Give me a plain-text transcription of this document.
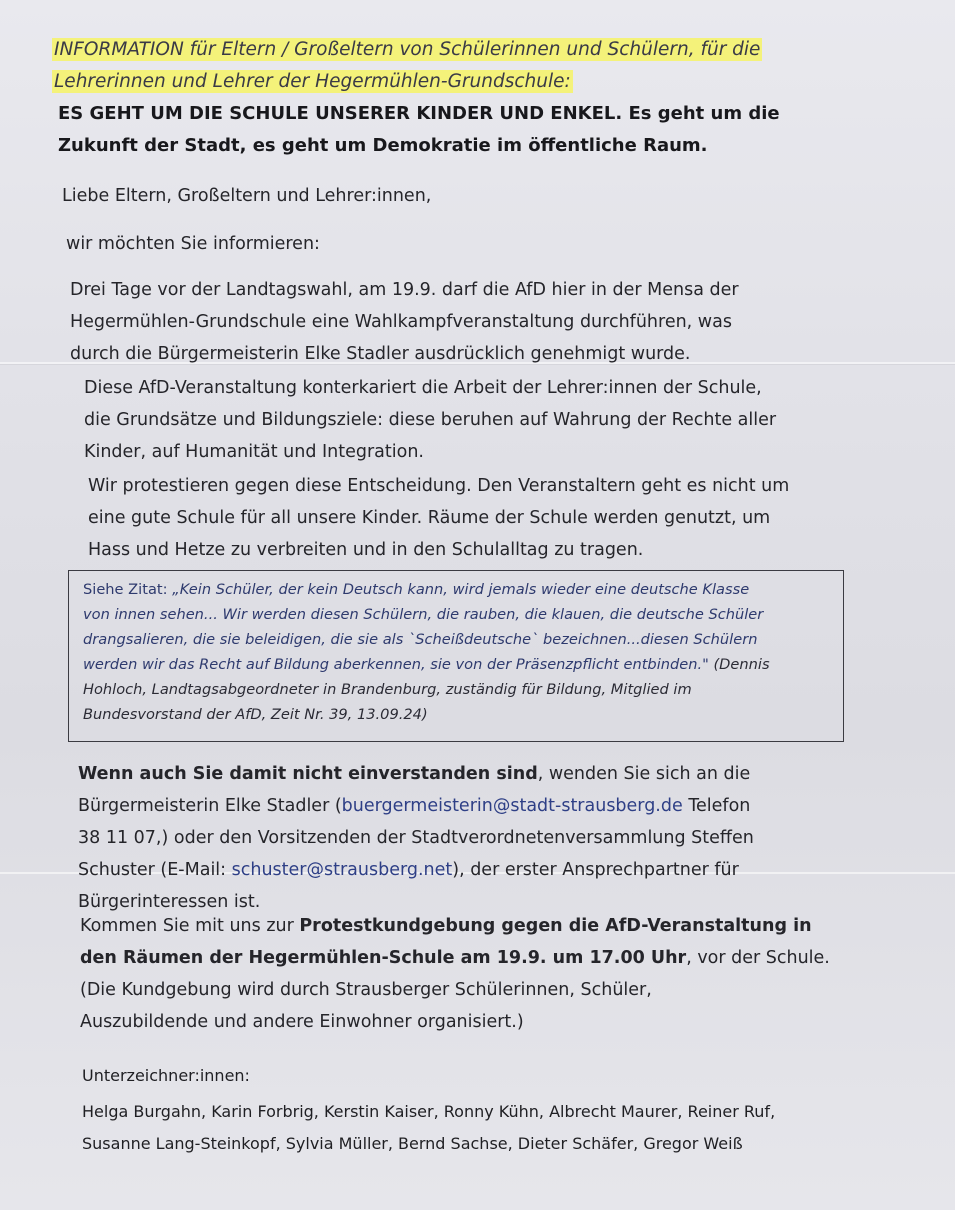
INFORMATION für Eltern / Großeltern von Schülerinnen und Schülern, für die

Lehrerinnen und Lehrer der Hegermühlen-Grundschule:

ES GEHT UM DIE SCHULE UNSERER KINDER UND ENKEL. Es geht um die

Zukunft der Stadt, es geht um Demokratie im öffentliche Raum.

Liebe Eltern, Großeltern und Lehrer:innen,

wir möchten Sie informieren:

Drei Tage vor der Landtagswahl, am 19.9. darf die AfD hier in der Mensa der

Hegermühlen-Grundschule eine Wahlkampfveranstaltung durchführen, was

durch die Bürgermeisterin Elke Stadler ausdrücklich genehmigt wurde.

Diese AfD-Veranstaltung konterkariert die Arbeit der Lehrer:innen der Schule,

die Grundsätze und Bildungsziele: diese beruhen auf Wahrung der Rechte aller

Kinder, auf Humanität und Integration.

Wir protestieren gegen diese Entscheidung. Den Veranstaltern geht es nicht um

eine gute Schule für all unsere Kinder. Räume der Schule werden genutzt, um

Hass und Hetze zu verbreiten und in den Schulalltag zu tragen.

Siehe Zitat: „Kein Schüler, der kein Deutsch kann, wird jemals wieder eine deutsche Klasse

von innen sehen... Wir werden diesen Schülern, die rauben, die klauen, die deutsche Schüler

drangsalieren, die sie beleidigen, die sie als `Scheißdeutsche` bezeichnen...diesen Schülern

werden wir das Recht auf Bildung aberkennen, sie von der Präsenzpflicht entbinden." (Dennis

Hohloch, Landtagsabgeordneter in Brandenburg, zuständig für Bildung, Mitglied im

Bundesvorstand der AfD, Zeit Nr. 39, 13.09.24)

Wenn auch Sie damit nicht einverstanden sind, wenden Sie sich an die

Bürgermeisterin Elke Stadler (buergermeisterin@stadt-strausberg.de Telefon

38 11 07,) oder den Vorsitzenden der Stadtverordnetenversammlung Steffen

Schuster (E-Mail: schuster@strausberg.net), der erster Ansprechpartner für

Bürgerinteressen ist.

Kommen Sie mit uns zur Protestkundgebung gegen die AfD-Veranstaltung in

den Räumen der Hegermühlen-Schule am 19.9. um 17.00 Uhr, vor der Schule.

(Die Kundgebung wird durch Strausberger Schülerinnen, Schüler,

Auszubildende und andere Einwohner organisiert.)

Unterzeichner:innen:

Helga Burgahn, Karin Forbrig, Kerstin Kaiser, Ronny Kühn, Albrecht Maurer, Reiner Ruf,

Susanne Lang-Steinkopf, Sylvia Müller, Bernd Sachse, Dieter Schäfer, Gregor Weiß
